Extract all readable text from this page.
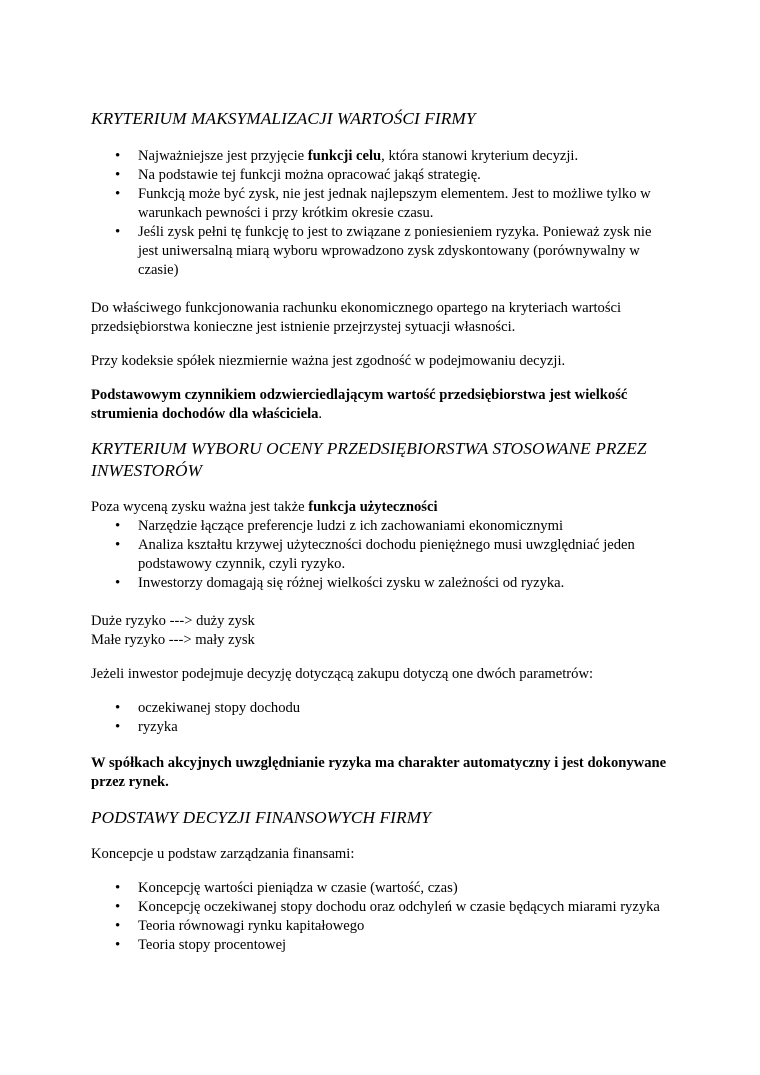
KRYTERIUM MAKSYMALIZACJI WARTOŚCI FIRMY
• Najważniejsze jest przyjęcie funkcji celu, która stanowi kryterium decyzji.
• Na podstawie tej funkcji można opracować jakąś strategię.
• Funkcją może być zysk, nie jest jednak najlepszym elementem. Jest to możliwe tylko w warunkach pewności i przy krótkim okresie czasu.
• Jeśli zysk pełni tę funkcję to jest to związane z poniesieniem ryzyka. Ponieważ zysk nie jest uniwersalną miarą wyboru wprowadzono zysk zdyskontowany (porównywalny w czasie)

Do właściwego funkcjonowania rachunku ekonomicznego opartego na kryteriach wartości przedsiębiorstwa konieczne jest istnienie przejrzystej sytuacji własności.

Przy kodeksie spółek niezmiernie ważna jest zgodność w podejmowaniu decyzji.

Podstawowym czynnikiem odzwierciedlającym wartość przedsiębiorstwa jest wielkość strumienia dochodów dla właściciela.

KRYTERIUM WYBORU OCENY PRZEDSIĘBIORSTWA STOSOWANE PRZEZ INWESTORÓW

Poza wyceną zysku ważna jest także funkcja użyteczności

• Narzędzie łączące preferencje ludzi z ich zachowaniami ekonomicznymi
• Analiza kształtu krzywej użyteczności dochodu pieniężnego musi uwzględniać jeden podstawowy czynnik, czyli ryzyko.
• Inwestorzy domagają się różnej wielkości zysku w zależności od ryzyka.

Duże ryzyko ---> duży zysk

Małe ryzyko ---> mały zysk

Jeżeli inwestor podejmuje decyzję dotyczącą zakupu dotyczą one dwóch parametrów:

• oczekiwanej stopy dochodu
• ryzyka

W spółkach akcyjnych uwzględnianie ryzyka ma charakter automatyczny i jest dokonywane przez rynek.

PODSTAWY DECYZJI FINANSOWYCH FIRMY

Koncepcje u podstaw zarządzania finansami:

• Koncepcję wartości pieniądza w czasie (wartość, czas)
• Koncepcję oczekiwanej stopy dochodu oraz odchyleń w czasie będących miarami ryzyka
• Teoria równowagi rynku kapitałowego
• Teoria stopy procentowej
